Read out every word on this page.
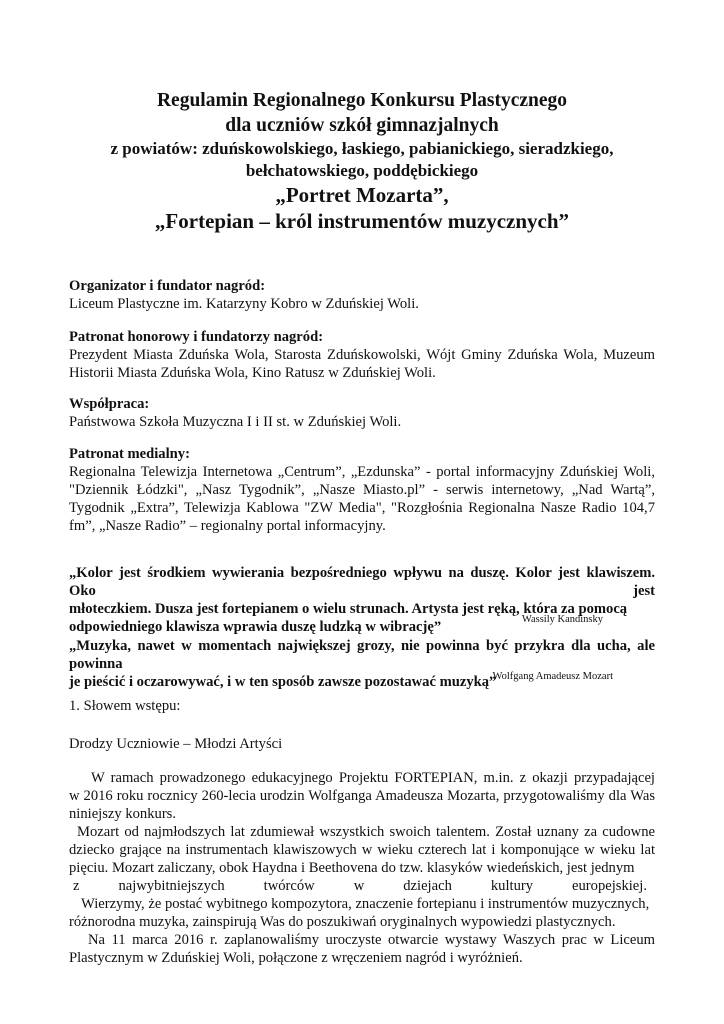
Regulamin Regionalnego Konkursu Plastycznego
dla uczniów szkół gimnazjalnych
z powiatów: zduńskowolskiego, łaskiego, pabianickiego, sieradzkiego,
bełchatowskiego, poddębickiego
„Portret Mozarta”,
„Fortepian – król instrumentów muzycznych”
Organizator i fundator nagród:

Liceum Plastyczne im. Katarzyny Kobro w Zduńskiej Woli.

Patronat honorowy i fundatorzy nagród:

Prezydent Miasta Zduńska Wola, Starosta Zduńskowolski, Wójt Gminy Zduńska Wola, Muzeum

Historii Miasta Zduńska Wola, Kino Ratusz w Zduńskiej Woli.

Współpraca:

Państwowa Szkoła Muzyczna I i II st. w Zduńskiej Woli.

Patronat medialny:

Regionalna Telewizja Internetowa „Centrum”, „Ezdunska” - portal informacyjny Zduńskiej Woli,

"Dziennik Łódzki", „Nasz Tygodnik”, „Nasze Miasto.pl” - serwis internetowy, „Nad Wartą”,

Tygodnik „Extra”, Telewizja Kablowa "ZW Media", "Rozgłośnia Regionalna Nasze Radio 104,7

fm”, „Nasze Radio” – regionalny portal informacyjny.

„Kolor jest środkiem wywierania bezpośredniego wpływu na duszę. Kolor jest klawiszem. Oko jest

młoteczkiem. Dusza jest fortepianem o wielu strunach. Artysta jest ręką, która za pomocą

odpowiedniego klawisza wprawia duszę ludzką w wibrację”	Wassily Kandinsky

„Muzyka, nawet w momentach największej grozy, nie powinna być przykra dla ucha, ale powinna

je pieścić i oczarowywać, i w ten sposób zawsze pozostawać muzyką”

Wolfgang Amadeusz Mozart
1. Słowem wstępu:
Drodzy Uczniowie – Młodzi Artyści

W ramach prowadzonego edukacyjnego Projektu FORTEPIAN, m.in. z okazji przypadającej

w 2016 roku rocznicy 260-lecia urodzin Wolfganga Amadeusza Mozarta, przygotowaliśmy dla Was

niniejszy konkurs.

Mozart od najmłodszych lat zdumiewał wszystkich swoich talentem. Został uznany za cudowne

dziecko grające na instrumentach klawiszowych w wieku czterech lat i komponujące w wieku lat

pięciu. Mozart zaliczany, obok Haydna i Beethovena do tzw. klasyków wiedeńskich, jest jednym

z najwybitniejszych twórców w dziejach kultury europejskiej.

Wierzymy, że postać wybitnego kompozytora, znaczenie fortepianu i instrumentów muzycznych,

różnorodna muzyka, zainspirują Was do poszukiwań oryginalnych wypowiedzi plastycznych.

Na 11 marca 2016 r. zaplanowaliśmy uroczyste otwarcie wystawy Waszych prac w Liceum

Plastycznym w Zduńskiej Woli, połączone z wręczeniem nagród i wyróżnień.
